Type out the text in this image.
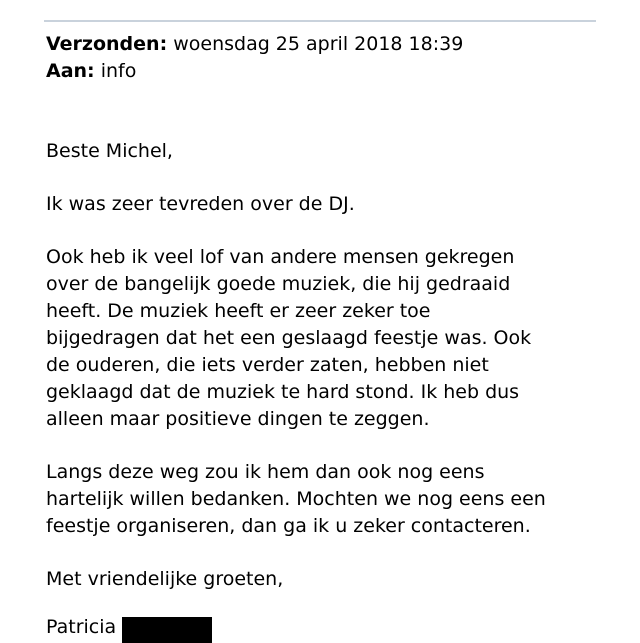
Verzonden: woensdag 25 april 2018 18:39
Aan: info

Beste Michel,

Ik was zeer tevreden over de DJ.

Ook heb ik veel lof van andere mensen gekregen
over de bangelijk goede muziek, die hij gedraaid
heeft. De muziek heeft er zeer zeker toe
bijgedragen dat het een geslaagd feestje was. Ook
de ouderen, die iets verder zaten, hebben niet
geklaagd dat de muziek te hard stond. Ik heb dus
alleen maar positieve dingen te zeggen.

Langs deze weg zou ik hem dan ook nog eens
hartelijk willen bedanken. Mochten we nog eens een
feestje organiseren, dan ga ik u zeker contacteren.

Met vriendelijke groeten,

Patricia
